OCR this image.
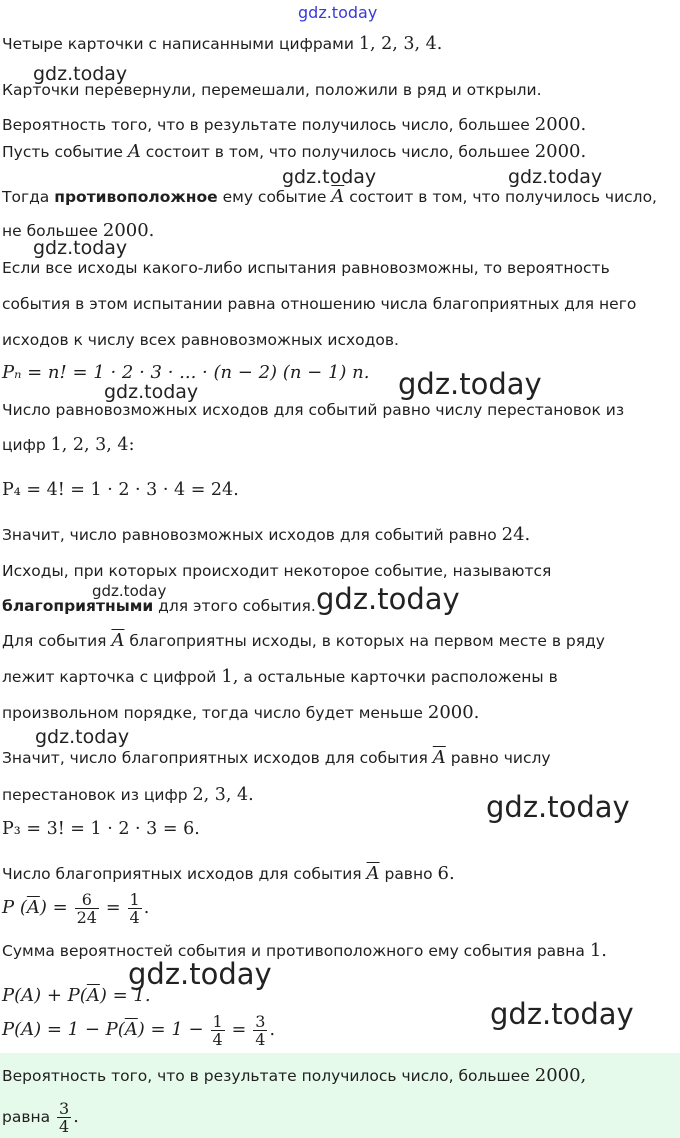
gdz.today
gdz.today
gdz.today	gdz.today
gdz.today
gdz.today
gdz.today
gdz.today	gdz.today
gdz.today
gdz.today
gdz.today
gdz.today
Четыре карточки с написанными цифрами 1, 2, 3, 4.
Карточки перевернули, перемешали, положили в ряд и открыли.
Вероятность того, что в результате получилось число, большее 2000.
Пусть событие A состоит в том, что получилось число, большее 2000.
Тогда противоположное ему событие $\overline{A}$ состоит в том, что получилось число,
не большее 2000.
Если все исходы какого-либо испытания равновозможны, то вероятность
события в этом испытании равна отношению числа благоприятных для него
исходов к числу всех равновозможных исходов.
Pₙ = n! = 1 · 2 · 3 · ... · (n − 2) (n − 1) n.
Число равновозможных исходов для событий равно числу перестановок из
цифр 1, 2, 3, 4:
P₄ = 4! = 1 · 2 · 3 · 4 = 24.
Значит, число равновозможных исходов для событий равно 24.
Исходы, при которых происходит некоторое событие, называются
благоприятными для этого события.
Для события $\overline{A}$ благоприятны исходы, в которых на первом месте в ряду
лежит карточка с цифрой 1, а остальные карточки расположены в
произвольном порядке, тогда число будет меньше 2000.
Значит, число благоприятных исходов для события $\overline{A}$ равно числу
перестановок из цифр 2, 3, 4.
P₃ = 3! = 1 · 2 · 3 = 6.
Число благоприятных исходов для события $\overline{A}$ равно 6.
P $(\overline{A}) = \frac{6}{24} = \frac{1}{4}$ .
Сумма вероятностей события и противоположного ему события равна 1.
$P(A) + P(\overline{A}) = 1$.
$P(A) = 1 - P(\overline{A}) = 1 - \frac{1}{4} = \frac{3}{4}$ .
Вероятность того, что в результате получилось число, большее 2000,
равна $\frac{3}{4}$ .
